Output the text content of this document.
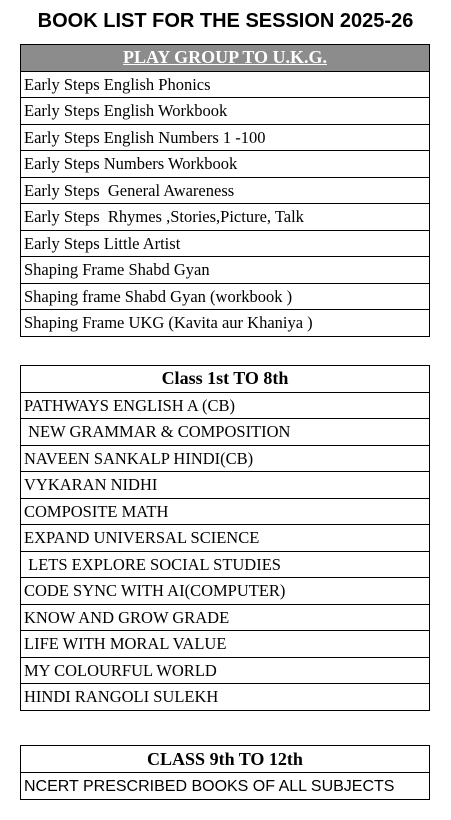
BOOK LIST FOR THE SESSION 2025-26
PLAY GROUP TO U.K.G.
Early Steps English Phonics
Early Steps English Workbook
Early Steps English Numbers 1 -100
Early Steps Numbers Workbook
Early Steps  General Awareness
Early Steps  Rhymes ,Stories,Picture, Talk
Early Steps Little Artist
Shaping Frame Shabd Gyan
Shaping frame Shabd Gyan (workbook )
Shaping Frame UKG (Kavita aur Khaniya )
Class 1st TO 8th
PATHWAYS ENGLISH A (CB)
NEW GRAMMAR & COMPOSITION
NAVEEN SANKALP HINDI(CB)
VYKARAN NIDHI
COMPOSITE MATH
EXPAND UNIVERSAL SCIENCE
LETS EXPLORE SOCIAL STUDIES
CODE SYNC WITH AI(COMPUTER)
KNOW AND GROW GRADE
LIFE WITH MORAL VALUE
MY COLOURFUL WORLD
HINDI RANGOLI SULEKH
CLASS 9th TO 12th
NCERT PRESCRIBED BOOKS OF ALL SUBJECTS
